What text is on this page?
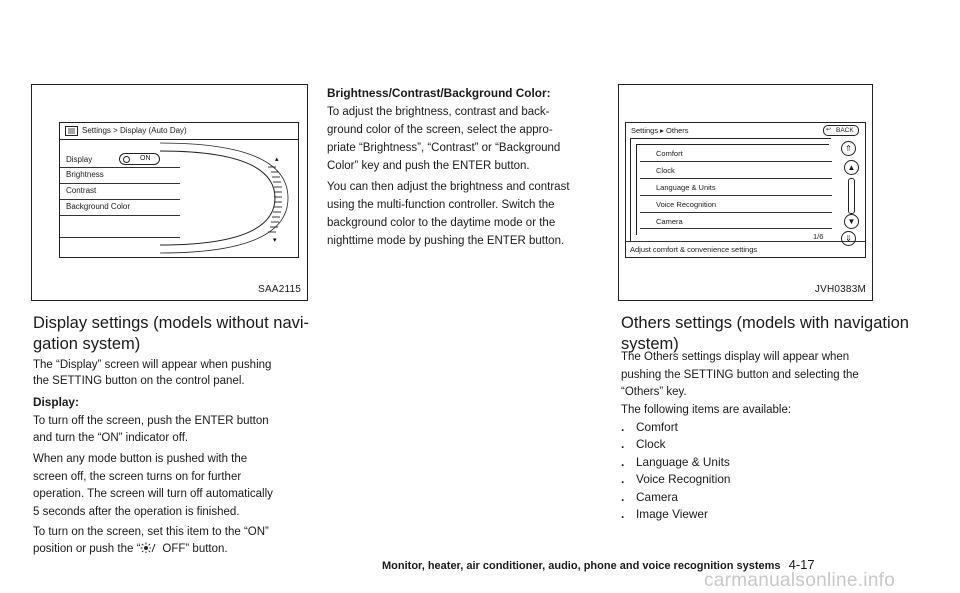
Settings > Display (Auto Day)
Display	ON
Brightness
Contrast
Background Color
▴
▾
SAA2115
Display settings (models without navi-
gation system)
The “Display” screen will appear when pushing
the SETTING button on the control panel.
Display:
To turn off the screen, push the ENTER button
and turn the “ON” indicator off.
When any mode button is pushed with the
screen off, the screen turns on for further
operation. The screen will turn off automatically
5 seconds after the operation is finished.
To turn on the screen, set this item to the “ON”
position or push the “ OFF” button.
Brightness/Contrast/Background Color:
To adjust the brightness, contrast and back-
ground color of the screen, select the appro-
priate “Brightness”, “Contrast” or “Background
Color” key and push the ENTER button.
You can then adjust the brightness and contrast
using the multi-function controller. Switch the
background color to the daytime mode or the
nighttime mode by pushing the ENTER button.
Settings ▸ Others	↩ BACK
Comfort
Clock
Language & Units
Voice Recognition
Camera
1/6
Adjust comfort & convenience settings
⇑
▲
▼
⇓
JVH0383M
Others settings (models with navigation
system)
The Others settings display will appear when
pushing the SETTING button and selecting the
“Others” key.
The following items are available:
. Comfort
. Clock
. Language & Units
. Voice Recognition
. Camera
. Image Viewer
Monitor, heater, air conditioner, audio, phone and voice recognition systems 4-17
carmanualsonline.info
